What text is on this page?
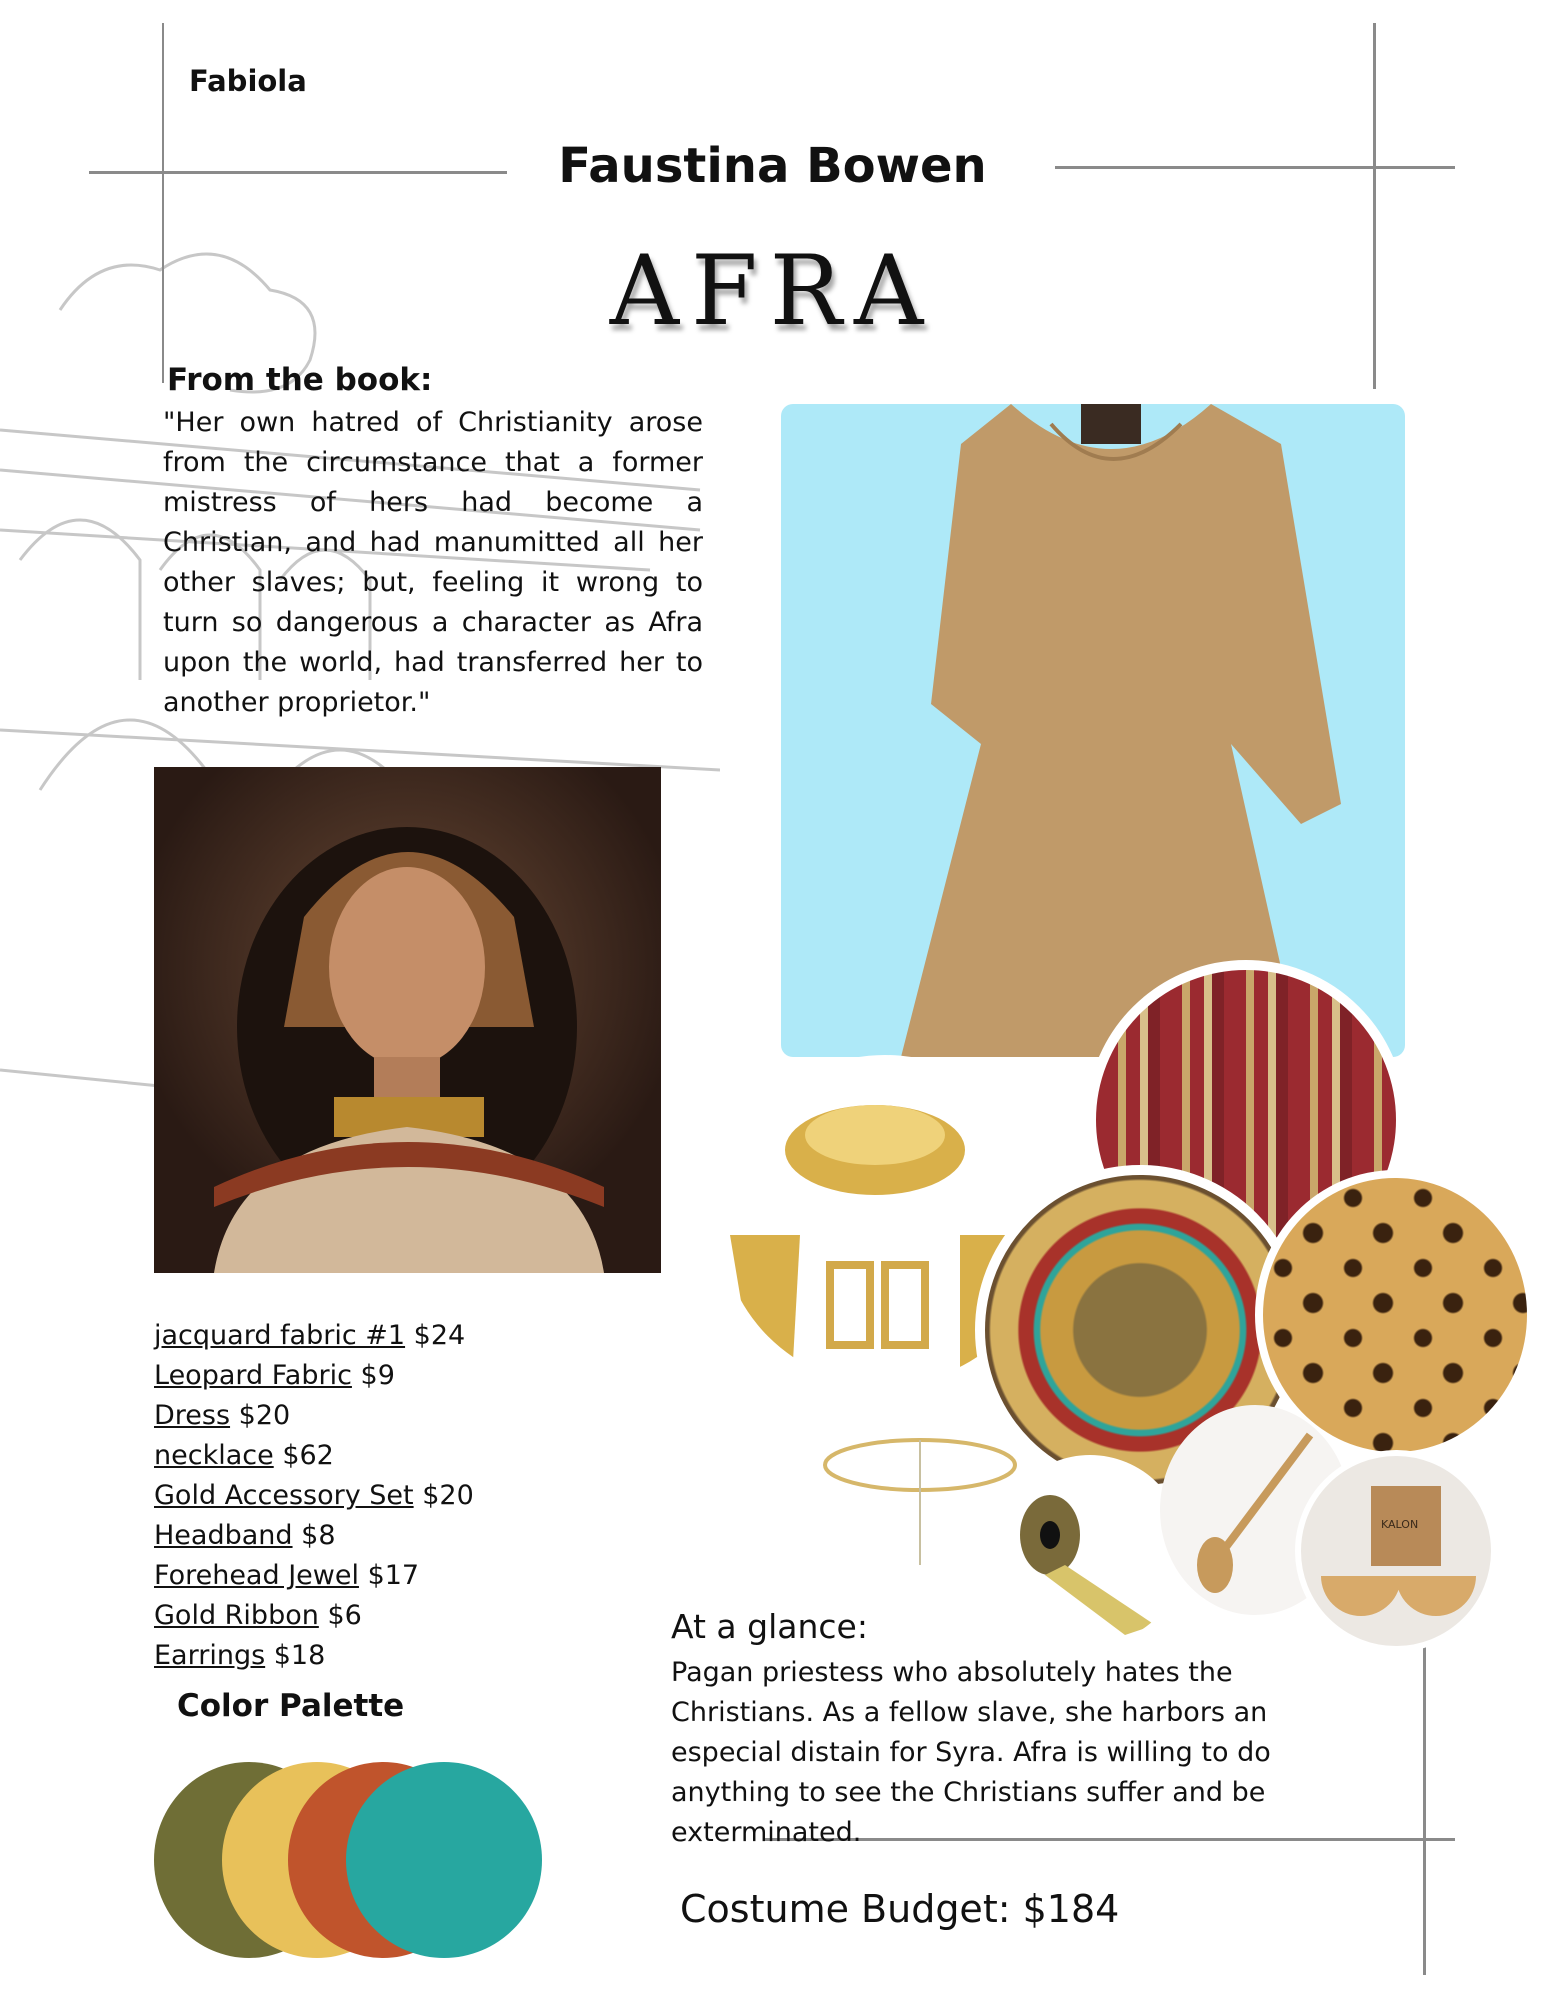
Fabiola
Faustina Bowen
AFRA
From the book:
"Her own hatred of Christianity arose from the circumstance that a former mistress of hers had become a Christian, and had manumitted all her other slaves; but, feeling it wrong to turn so dangerous a character as Afra upon the world, had transferred her to another proprietor."
KALON
jacquard fabric #1 $24
Leopard Fabric $9
Dress $20
necklace $62
Gold Accessory Set $20
Headband $8
Forehead Jewel $17
Gold Ribbon $6
Earrings $18
Color Palette
At a glance:
Pagan priestess who absolutely hates the Christians. As a fellow slave, she harbors an especial distain for Syra. Afra is willing to do anything to see the Christians suffer and be exterminated.
Costume Budget: $184
